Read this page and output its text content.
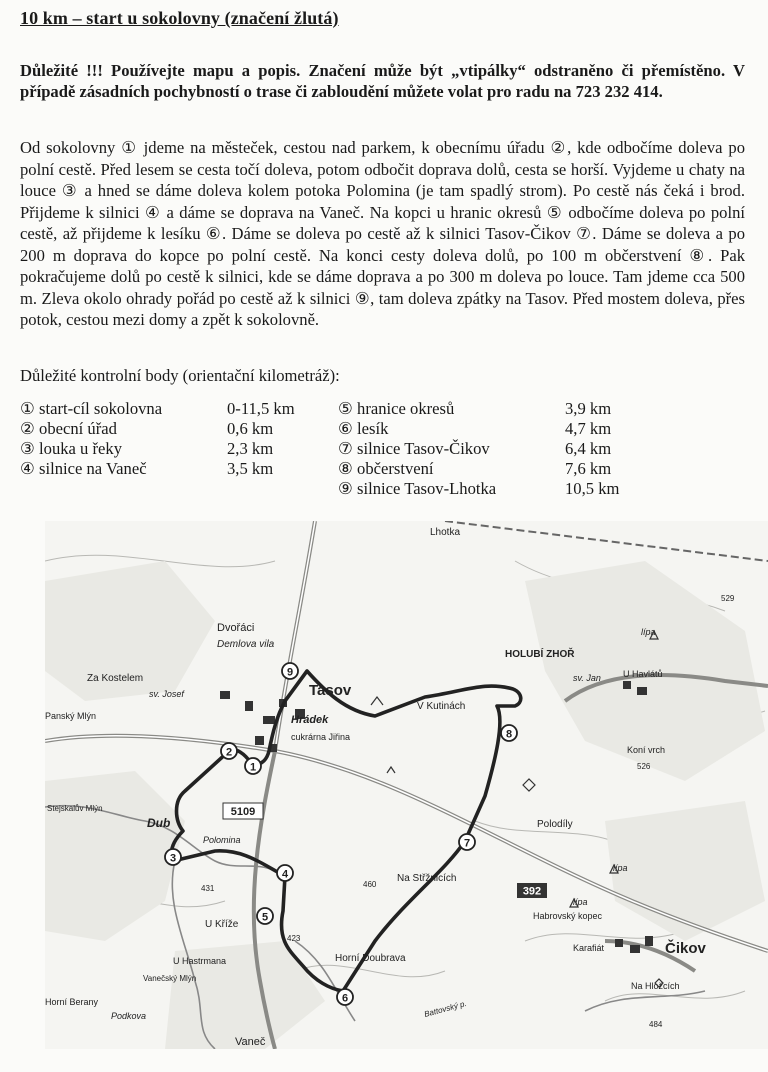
10 km – start u sokolovny (značení žlutá)
Důležité !!! Používejte mapu a popis. Značení může být „vtipálky“ odstraněno či přemístěno. V případě zásadních pochybností o trase či zabloudění můžete volat pro radu na 723 232 414.
Od sokolovny ① jdeme na městeček, cestou nad parkem, k obecnímu úřadu ②, kde odbočíme doleva po polní cestě. Před lesem se cesta točí doleva, potom odbočit doprava dolů, cesta se horší. Vyjdeme u chaty na louce ③ a hned se dáme doleva kolem potoka Polomina (je tam spadlý strom). Po cestě nás čeká i brod. Přijdeme k silnici ④ a dáme se doprava na Vaneč. Na kopci u hranic okresů ⑤ odbočíme doleva po polní cestě, až přijdeme k lesíku ⑥. Dáme se doleva po cestě až k silnici Tasov-Čikov ⑦. Dáme se doleva a po 200 m doprava do kopce po polní cestě. Na konci cesty doleva dolů, po 100 m občerstvení ⑧. Pak pokračujeme dolů po cestě k silnici, kde se dáme doprava a po 300 m doleva po louce. Tam jdeme cca 500 m. Zleva okolo ohrady pořád po cestě až k silnici ⑨, tam doleva zpátky na Tasov. Před mostem doleva, přes potok, cestou mezi domy a zpět k sokolovně.
Důležité kontrolní body (orientační kilometráž):
① start-cíl sokolovna	0-11,5 km
② obecní úřad	0,6 km
③ louka u řeky	2,3 km
④ silnice na Vaneč	3,5 km
⑤ hranice okresů	3,9 km
⑥ lesík	4,7 km
⑦ silnice Tasov-Čikov	6,4 km
⑧ občerstvení	7,6 km
⑨ silnice Tasov-Lhotka	10,5 km
1
2
3
4
5
6
7
8
9
5109
392
Lhotka
Dvořáci
Demlova vila
Za Kostelem
sv. Josef
Panský Mlýn
Tasov
Hrádek
cukrárna Jiřina
V Kutinách
HOLUBÍ ZHOŘ
U Havlátů
sv. Jan
lípa
Koní vrch
Stejskalův Mlýn
Dub
Polomina
Polodíly
Na Střžnicích
lípa
lípa
Habrovský kopec
Karafiát	Čikov
U Kříže
Horní Doubrava
U Hastrmana
Vanečský Mlýn
Horní Berany
Podkova
Vaneč
Na Hložcích
Battovský p.
529
526
431	460
423
484
